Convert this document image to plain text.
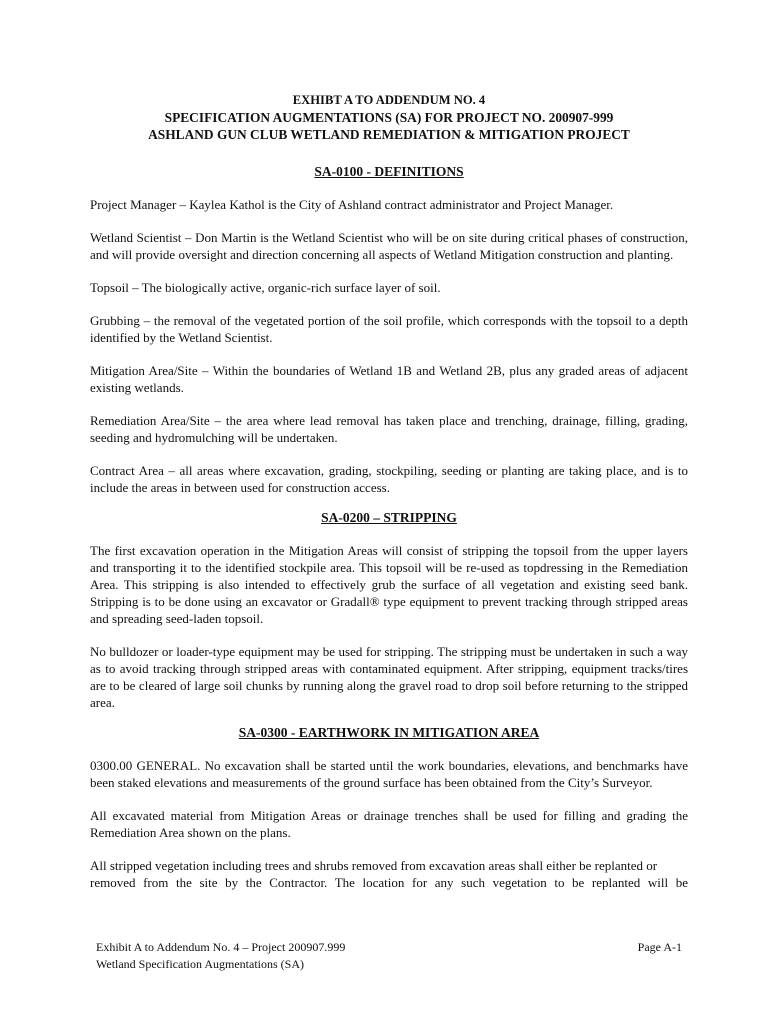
EXHIBT A TO ADDENDUM NO. 4
SPECIFICATION AUGMENTATIONS (SA) FOR PROJECT NO. 200907-999
ASHLAND GUN CLUB WETLAND REMEDIATION & MITIGATION PROJECT
SA-0100 - DEFINITIONS

Project Manager – Kaylea Kathol is the City of Ashland contract administrator and Project Manager.

Wetland Scientist – Don Martin is the Wetland Scientist who will be on site during critical phases of construction, and will provide oversight and direction concerning all aspects of Wetland Mitigation construction and planting.

Topsoil – The biologically active, organic-rich surface layer of soil.

Grubbing – the removal of the vegetated portion of the soil profile, which corresponds with the topsoil to a depth identified by the Wetland Scientist.

Mitigation Area/Site – Within the boundaries of Wetland 1B and Wetland 2B, plus any graded areas of adjacent existing wetlands.

Remediation Area/Site – the area where lead removal has taken place and trenching, drainage, filling, grading, seeding and hydromulching will be undertaken.

Contract Area – all areas where excavation, grading, stockpiling, seeding or planting are taking place, and is to include the areas in between used for construction access.

SA-0200 – STRIPPING

The first excavation operation in the Mitigation Areas will consist of stripping the topsoil from the upper layers and transporting it to the identified stockpile area. This topsoil will be re-used as topdressing in the Remediation Area. This stripping is also intended to effectively grub the surface of all vegetation and existing seed bank. Stripping is to be done using an excavator or Gradall® type equipment to prevent tracking through stripped areas and spreading seed-laden topsoil.

No bulldozer or loader-type equipment may be used for stripping. The stripping must be undertaken in such a way as to avoid tracking through stripped areas with contaminated equipment. After stripping, equipment tracks/tires are to be cleared of large soil chunks by running along the gravel road to drop soil before returning to the stripped area.

SA-0300 - EARTHWORK IN MITIGATION AREA

0300.00 GENERAL. No excavation shall be started until the work boundaries, elevations, and benchmarks have been staked elevations and measurements of the ground surface has been obtained from the City’s Surveyor.

All excavated material from Mitigation Areas or drainage trenches shall be used for filling and grading the Remediation Area shown on the plans.

All stripped vegetation including trees and shrubs removed from excavation areas shall either be replanted or

removed from the site by the Contractor. The location for any such vegetation to be replanted will be

Exhibit A to Addendum No. 4 – Project 200907.999	Page A-1
Wetland Specification Augmentations (SA)
